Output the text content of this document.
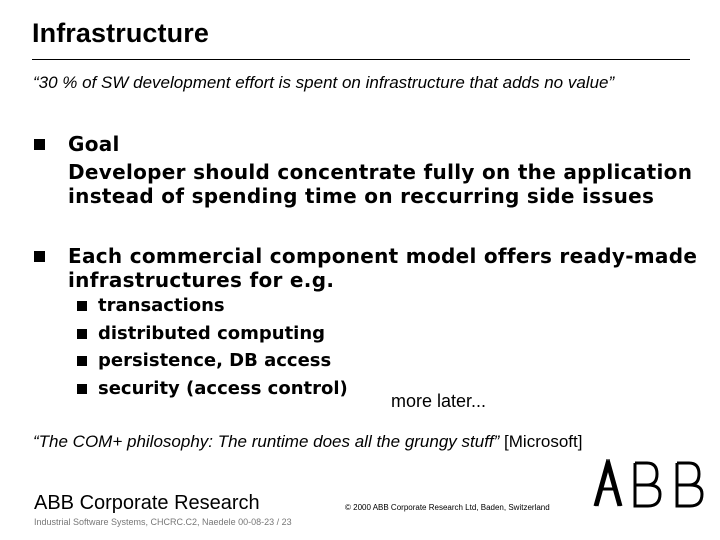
Infrastructure
“30 % of SW development effort is spent on infrastructure that adds no value”
Goal
Developer should concentrate fully on the application
instead of spending time on reccurring side issues
Each commercial component model offers ready-made
infrastructures for e.g.
transactions
distributed computing
persistence, DB access
security (access control)
more later...
“The COM+ philosophy: The runtime does all the grungy stuff” [Microsoft]
ABB Corporate Research	© 2000 ABB Corporate Research Ltd, Baden, Switzerland
Industrial Software Systems, CHCRC.C2, Naedele 00-08-23 / 23
